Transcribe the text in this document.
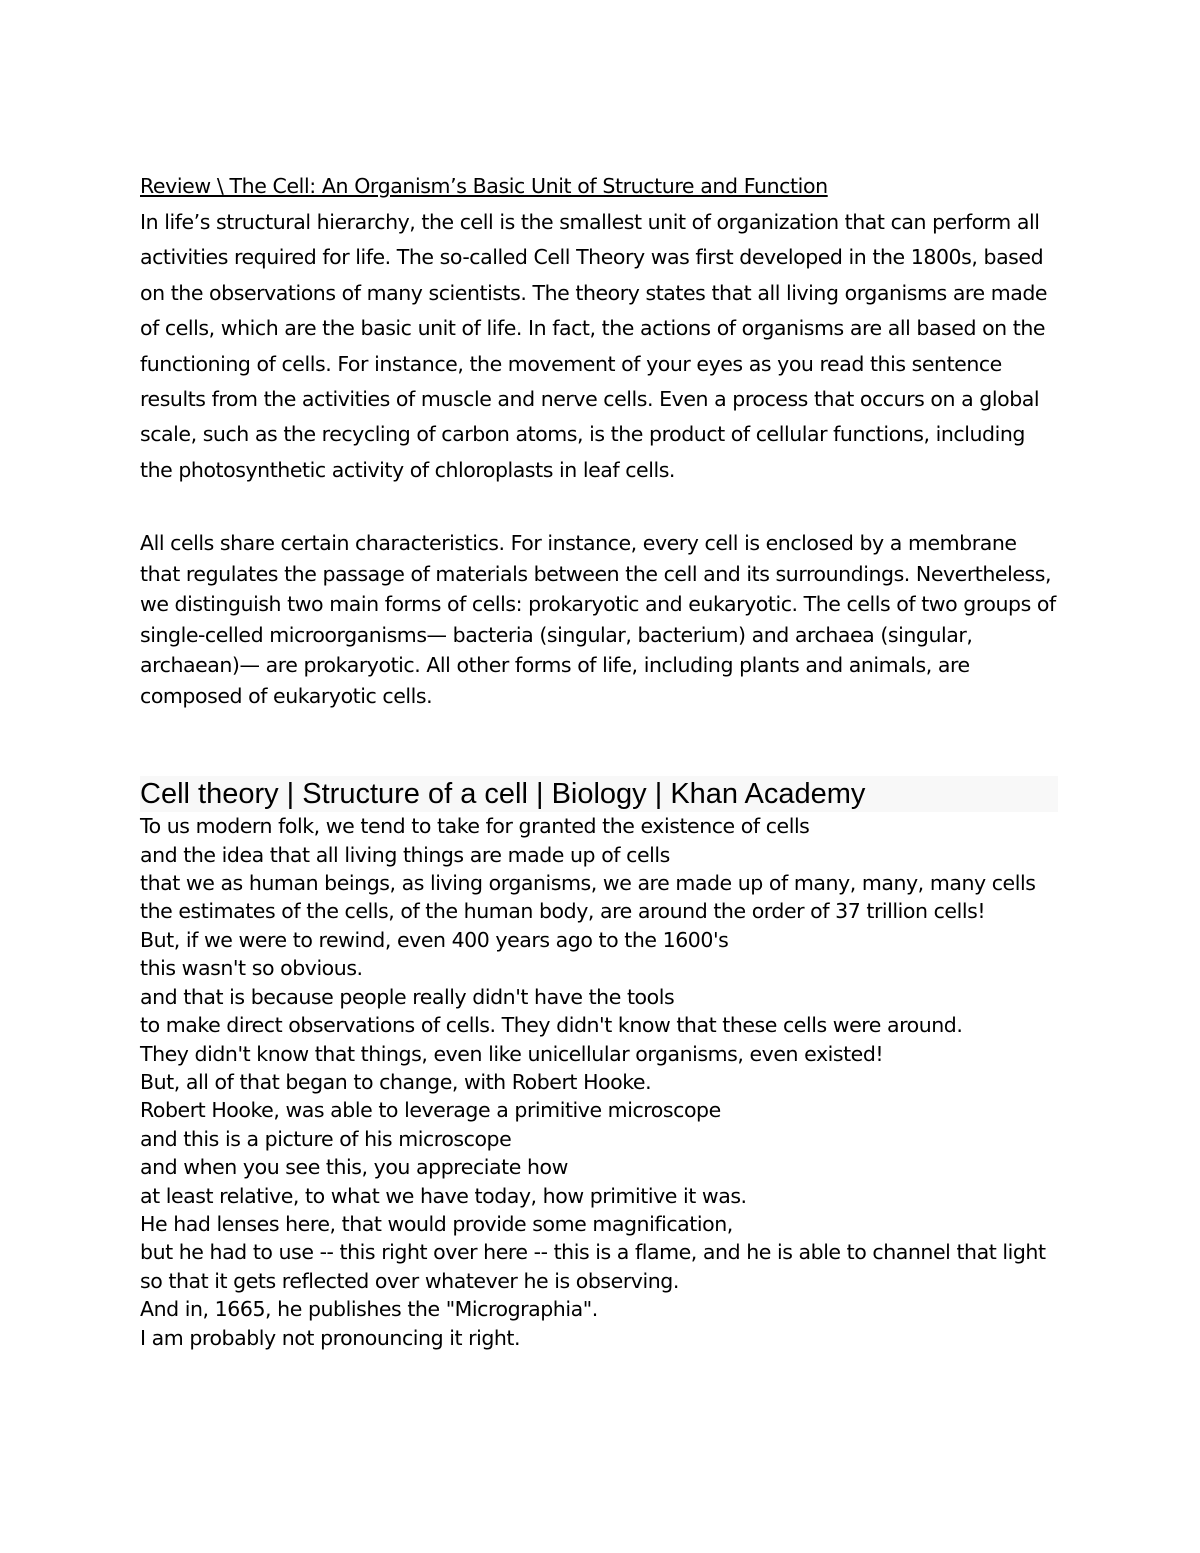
Review \ The Cell: An Organism’s Basic Unit of Structure and Function

In life’s structural hierarchy, the cell is the smallest unit of organization that can perform all activities required for life. The so-called Cell Theory was first developed in the 1800s, based on the observations of many scientists. The theory states that all living organisms are made of cells, which are the basic unit of life. In fact, the actions of organisms are all based on the functioning of cells. For instance, the movement of your eyes as you read this sentence results from the activities of muscle and nerve cells. Even a process that occurs on a global scale, such as the recycling of carbon atoms, is the product of cellular functions, including the photosynthetic activity of chloroplasts in leaf cells.

All cells share certain characteristics. For instance, every cell is enclosed by a membrane that regulates the passage of materials between the cell and its surroundings. Nevertheless, we distinguish two main forms of cells: prokaryotic and eukaryotic. The cells of two groups of single-celled microorganisms— bacteria (singular, bacterium) and archaea (singular, archaean)— are prokaryotic. All other forms of life, including plants and animals, are composed of eukaryotic cells.

Cell theory | Structure of a cell | Biology | Khan Academy
To us modern folk, we tend to take for granted the existence of cells
and the idea that all living things are made up of cells
that we as human beings, as living organisms, we are made up of many, many, many cells
the estimates of the cells, of the human body, are around the order of 37 trillion cells!
But, if we were to rewind, even 400 years ago to the 1600's
this wasn't so obvious.
and that is because people really didn't have the tools
to make direct observations of cells. They didn't know that these cells were around.
They didn't know that things, even like unicellular organisms, even existed!
But, all of that began to change, with Robert Hooke.
Robert Hooke, was able to leverage a primitive microscope
and this is a picture of his microscope
and when you see this, you appreciate how
at least relative, to what we have today, how primitive it was.
He had lenses here, that would provide some magnification,
but he had to use -- this right over here -- this is a flame, and he is able to channel that light
so that it gets reflected over whatever he is observing.
And in, 1665, he publishes the "Micrographia".
I am probably not pronouncing it right.
